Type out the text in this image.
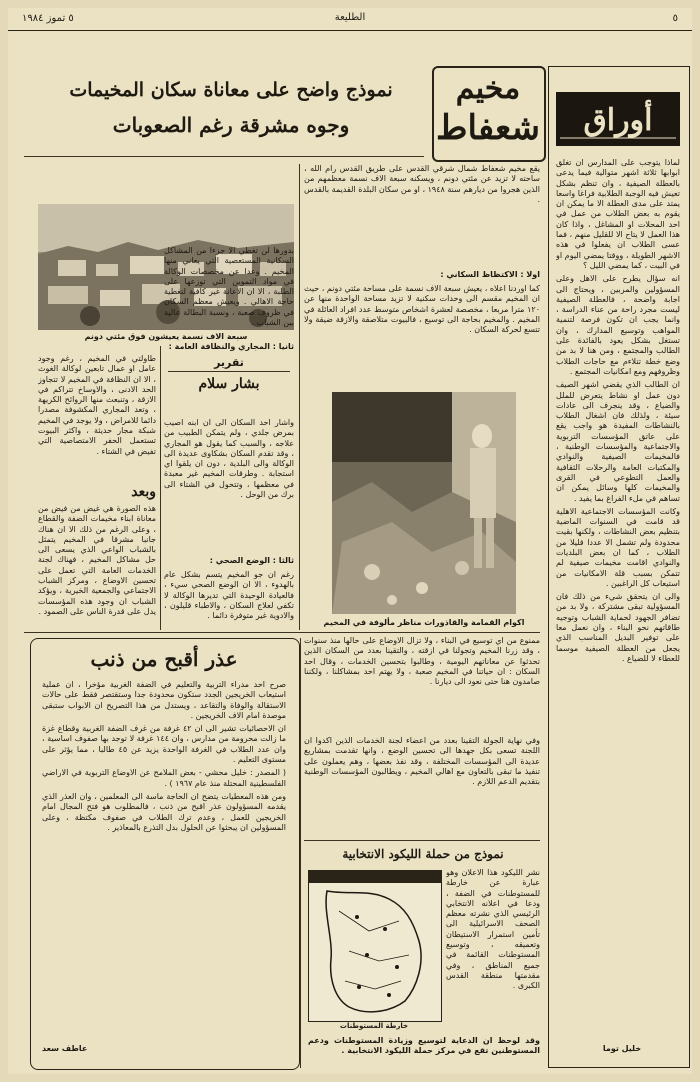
٥
الطليعة
٥ تموز ١٩٨٤
أوراق

لماذا يتوجب على المدارس ان تغلق ابوابها ثلاثة اشهر متوالية فيما يدعى بالعطلة الصيفية ، وان تنظم بشكل تعيش فيه الوجبة الطلابية فراغا واسعا يمتد على مدى العطلة الا ما يمكن ان يقوم به بعض الطلاب من عمل في احد المحلات او المشاغل ، واذا كان هذا العمل لا يتاح الا للقليل منهم ، فما عسى الطلاب ان يفعلوا في هذه الاشهر الطويلة ، ووقتا يمضي اليوم او في البيت ، كما يمضي الليل ؟

انه سؤال يطرح على الاهل وعلى المسؤولين والمربين ، ويحتاج الى اجابة واضحة ، فالعطلة الصيفية ليست مجرد راحة من عناء الدراسة ، وانما يجب ان تكون فرصة لتنمية المواهب وتوسيع المدارك ، وان تستغل بشكل يعود بالفائدة على الطالب والمجتمع ، ومن هنا لا بد من وضع خطة تتلاءم مع حاجات الطلاب وظروفهم ومع امكانيات المجتمع .

ان الطالب الذي يقضي اشهر الصيف دون عمل او نشاط يتعرض للملل والضياع ، وقد ينجرف الى عادات سيئة ، ولذلك فان اشغال الطلاب بالنشاطات المفيدة هو واجب يقع على عاتق المؤسسات التربوية والاجتماعية والمؤسسات الوطنية ، فالمخيمات الصيفية والنوادي والمكتبات العامة والرحلات الثقافية والعمل التطوعي في القرى والمخيمات كلها وسائل يمكن ان تساهم في ملء الفراغ بما يفيد .

وكانت المؤسسات الاجتماعية الاهلية قد قامت في السنوات الماضية بتنظيم بعض النشاطات ، ولكنها بقيت محدودة ولم تشمل الا عددا قليلا من الطلاب ، كما ان بعض البلديات والنوادي اقامت مخيمات صيفية لم تتمكن بسبب قلة الامكانيات من استيعاب كل الراغبين .

والى ان يتحقق شيء من ذلك فان المسؤولية تبقى مشتركة ، ولا بد من تضافر الجهود لحماية الشباب وتوجيه طاقاتهم نحو البناء ، وان نعمل معا على توفير البديل المناسب الذي يجعل من العطلة الصيفية موسما للعطاء لا للضياع .

خليل توما
مخيم
شعفاط
نموذج واضح على معاناة سكان المخيمات
وجوه مشرقة رغم الصعوبات
يقع مخيم شعفاط شمال شرقي القدس على طريق القدس رام الله ، ساحته لا تزيد عن مئتي دونم ، ويسكنه سبعة الاف نسمة معظمهم من الذين هجروا من ديارهم سنة ١٩٤٨ ، او من سكان البلدة القديمة بالقدس .
سبعة الاف نسمة يعيشون فوق مئتي دونم
اولا : الاكتظاظ السكاني :
كما اوردنا اعلاه ، يعيش سبعة الاف نسمة على مساحة مئتي دونم ، حيث ان المخيم مقسم الى وحدات سكنية لا تزيد مساحة الواحدة منها عن ١٢٠ مترا مربعا ، مخصصة لعشرة اشخاص متوسط عدد افراد العائلة في المخيم . والمخيم بحاجة الى توسيع ، فالبيوت متلاصقة والازقة ضيقة ولا تتسع لحركة السكان .
بدورها لن تغطي الا جزءا من المشاكل السكانية المستعصية التي يعاني منها المخيم . وعدا عن مخصصات الوكالة في مواد التموين التي توزعها على الطلبة ، الا ان الاعانة غير كافية لتغطية حاجة الاهالي . ويعيش معظم السكان في ظروف صعبة ، ونسبة البطالة عالية بين الشباب .
ثانيا : المجاري والنظافة العامة :
طاولتي في المخيم ، رغم وجود عامل او عمال تابعين لوكالة الغوث ، الا ان النظافة في المخيم لا تتجاوز الحد الادنى ، والاوساخ تتراكم في الازقة ، وتنبعث منها الروائح الكريهة ، وتعد المجاري المكشوفة مصدرا دائما للامراض ، ولا يوجد في المخيم شبكة مجار حديثة ، واكثر البيوت تستعمل الحفر الامتصاصية التي تفيض في الشتاء .
تقرير
بشار سلام
اكوام القمامة والقاذورات مناظر مألوفة في المخيم
واشار احد السكان الى ان ابنه اصيب بمرض جلدي ، ولم يتمكن الطبيب من علاجه ، والسبب كما يقول هو المجاري ، وقد تقدم السكان بشكاوى عديدة الى الوكالة والى البلدية ، دون ان يلقوا اي استجابة . وطرقات المخيم غير معبدة في معظمها ، وتتحول في الشتاء الى برك من الوحل .
ثالثا : الوضع الصحي :
رغم ان جو المخيم يتسم بشكل عام بالهدوء ، الا ان الوضع الصحي سيء ، فالعيادة الوحيدة التي تديرها الوكالة لا تكفي لعلاج السكان ، والاطباء قليلون ، والادوية غير متوفرة دائما .
وبعد
هذه الصورة هي غيض من فيض من معاناة ابناء مخيمات الضفة والقطاع ، وعلى الرغم من ذلك الا ان هناك جانبا مشرقا في المخيم يتمثل بالشباب الواعي الذي يسعى الى حل مشاكل المخيم ، فهناك لجنة الخدمات العامة التي تعمل على تحسين الاوضاع ، ومركز الشباب الاجتماعي والجمعية الخيرية ، ويؤكد الشباب ان وجود هذه المؤسسات يدل على قدرة الناس على الصمود .
ممنوع من اي توسيع في البناء ، ولا تزال الاوضاع على حالها منذ سنوات ، وقد زرنا المخيم وتجولنا في ازقته ، والتقينا بعدد من السكان الذين تحدثوا عن معاناتهم اليومية ، وطالبوا بتحسين الخدمات ، وقال احد السكان : ان حياتنا في المخيم صعبة ، ولا يهتم احد بمشاكلنا ، ولكننا صامدون هنا حتى نعود الى ديارنا .
وفي نهاية الجولة التقينا بعدد من اعضاء لجنة الخدمات الذين اكدوا ان اللجنة تسعى بكل جهدها الى تحسين الوضع ، وانها تقدمت بمشاريع عديدة الى المؤسسات المختلفة ، وقد نفذ بعضها ، وهم يعملون على تنفيذ ما تبقى بالتعاون مع اهالي المخيم ، ويطالبون المؤسسات الوطنية بتقديم الدعم اللازم .
عذر أقبح من ذنب

صرح احد مدراء التربية والتعليم في الضفة الغربية مؤخرا ، ان عملية استيعاب الخريجين الجدد ستكون محدودة جدا وستقتصر فقط على حالات الاستقالة والوفاة والتقاعد ، ويستدل من هذا التصريح ان الابواب ستبقى موصدة امام الاف الخريجين .

ان الاحصائيات تشير الى ان ٤٢ غرفة من غرف الضفة الغربية وقطاع غزة ما زالت محرومة من مدارس ، وان ١٤٤ غرفة لا توجد بها صفوف اساسية ، وان عدد الطلاب في الغرفة الواحدة يزيد عن ٤٥ طالبا ، مما يؤثر على مستوى التعليم .

( المصدر : خليل محشي - بعض الملامح عن الاوضاع التربوية في الاراضي الفلسطينية المحتلة منذ عام ١٩٦٧ ) .

ومن هذه المعطيات يتضح ان الحاجة ماسة الى المعلمين ، وان العذر الذي يقدمه المسؤولون عذر اقبح من ذنب ، فالمطلوب هو فتح المجال امام الخريجين للعمل ، وعدم ترك الطلاب في صفوف مكتظة ، وعلى المسؤولين ان يبحثوا عن الحلول بدل التذرع بالمعاذير .

عاطف سعد
نموذج من حملة الليكود الانتخابية
نشر الليكود هذا الاعلان وهو عبارة عن خارطة للمستوطنات في الضفة ، ودعا في اعلانه الانتخابي الرئيسي الذي نشرته معظم الصحف الاسرائيلية الى تأمين استمرار الاستيطان وتعميقه ، وتوسيع المستوطنات القائمة في جميع المناطق ، وفي مقدمتها منطقة القدس الكبرى .
خارطة المستوطنات
وقد لوحظ ان الدعاية لتوسيع وزيادة المستوطنات ودعم المستوطنين تقع في مركز حملة الليكود الانتخابية .
